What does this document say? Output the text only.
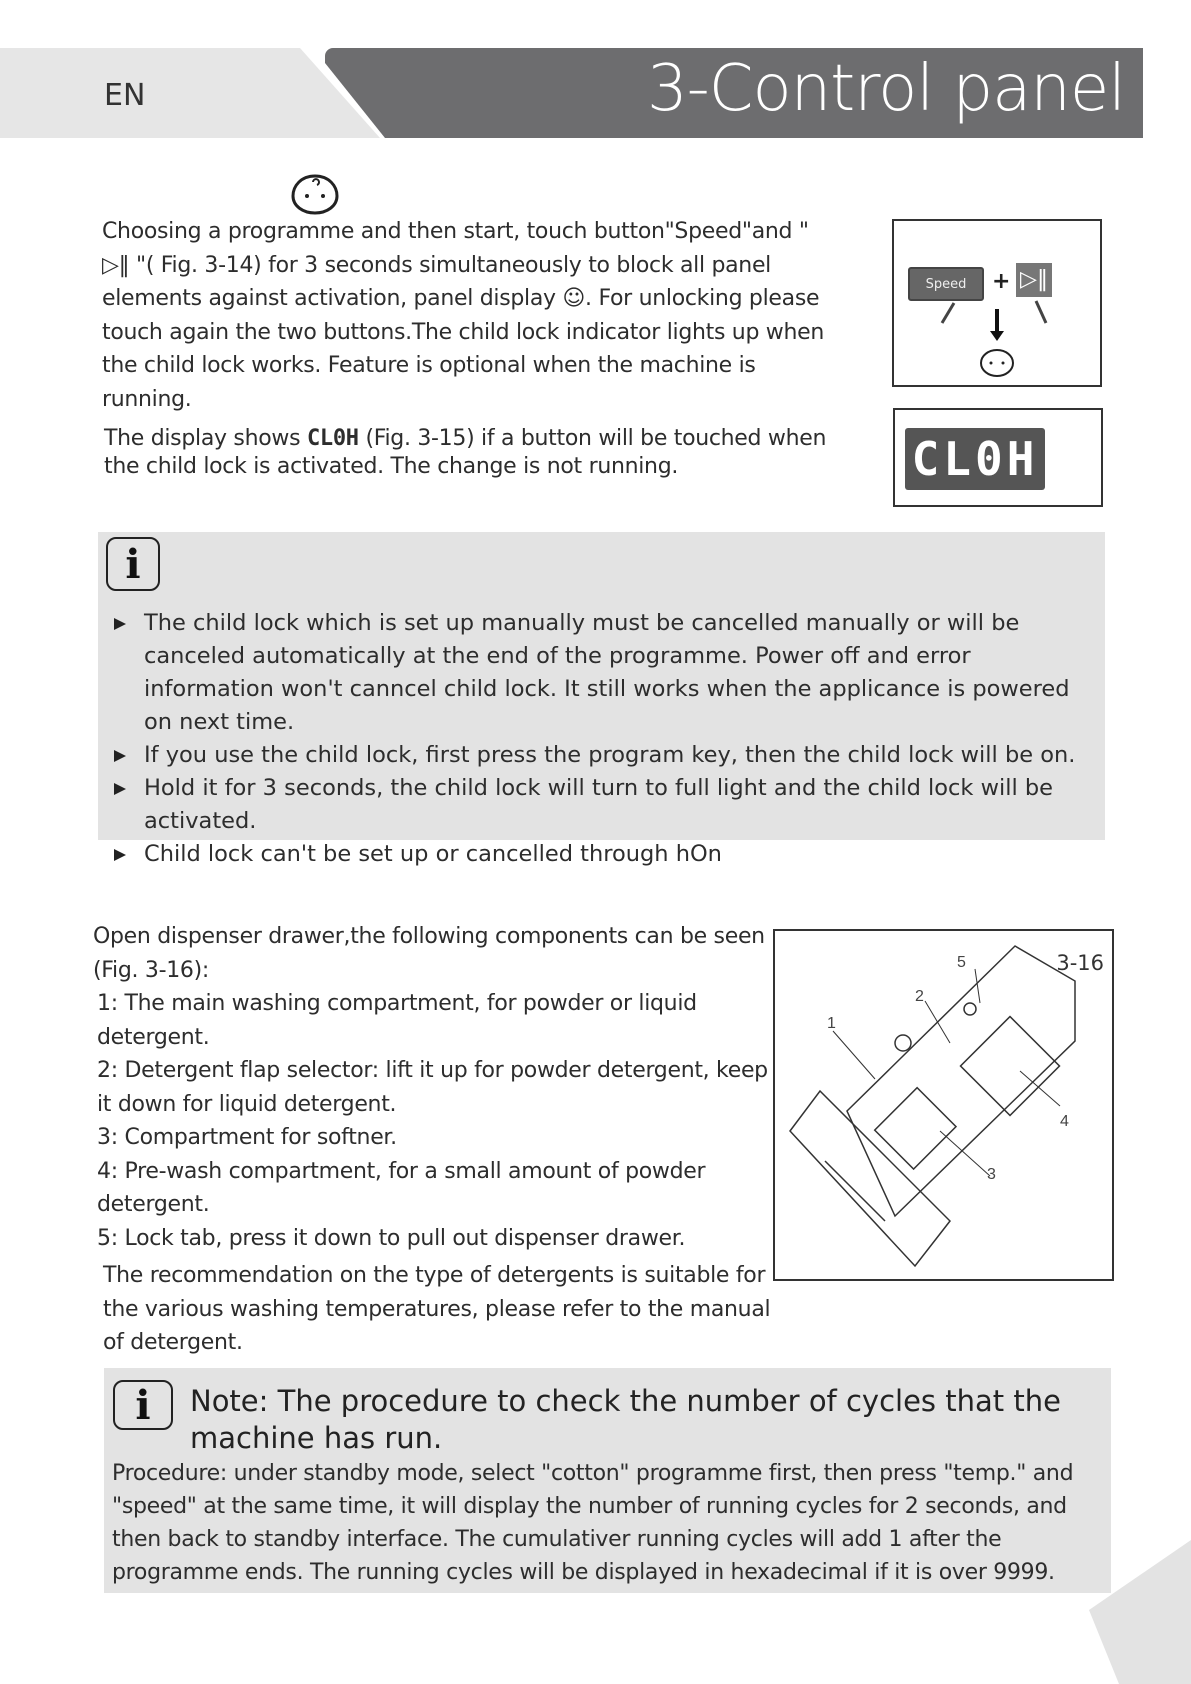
EN	3-Control panel
Choosing a programme and then start, touch button"Speed"and " ▷‖ "( Fig. 3-14) for 3 seconds simultaneously to block all panel elements against activation, panel display ☺. For unlocking please touch again the two buttons.The child lock indicator lights up when the child lock works. Feature is optional when the machine is running.
The display shows CL0H (Fig. 3-15) if a button will be touched when the child lock is activated. The change is not running.
Speed	+ ▷‖
CL0H
i
The child lock which is set up manually must be cancelled manually or will be canceled automatically at the end of the programme. Power off and error information won't canncel child lock. It still works when the applicance is powered on next time.
If you use the child lock, first press the program key, then the child lock will be on.
Hold it for 3 seconds, the child lock will turn to full light and the child lock will be activated.
Child lock can't be set up or cancelled through hOn
Open dispenser drawer,the following components can be seen (Fig. 3-16):
1: The main washing compartment, for powder or liquid detergent.
2: Detergent flap selector: lift it up for powder detergent, keep it down for liquid detergent.
3: Compartment for softner.
4: Pre-wash compartment, for a small amount of powder detergent.
5: Lock tab, press it down to pull out dispenser drawer.
The recommendation on the type of detergents is suitable for the various washing temperatures, please refer to the manual of detergent.
3-16
1
2
3
4
5
i	Note: The procedure to check the number of cycles that the machine has run.
Procedure: under standby mode, select "cotton" programme first, then press "temp." and "speed" at the same time, it will display the number of running cycles for 2 seconds, and then back to standby interface. The cumulativer running cycles will add 1 after the programme ends. The running cycles will be displayed in hexadecimal if it is over 9999.
